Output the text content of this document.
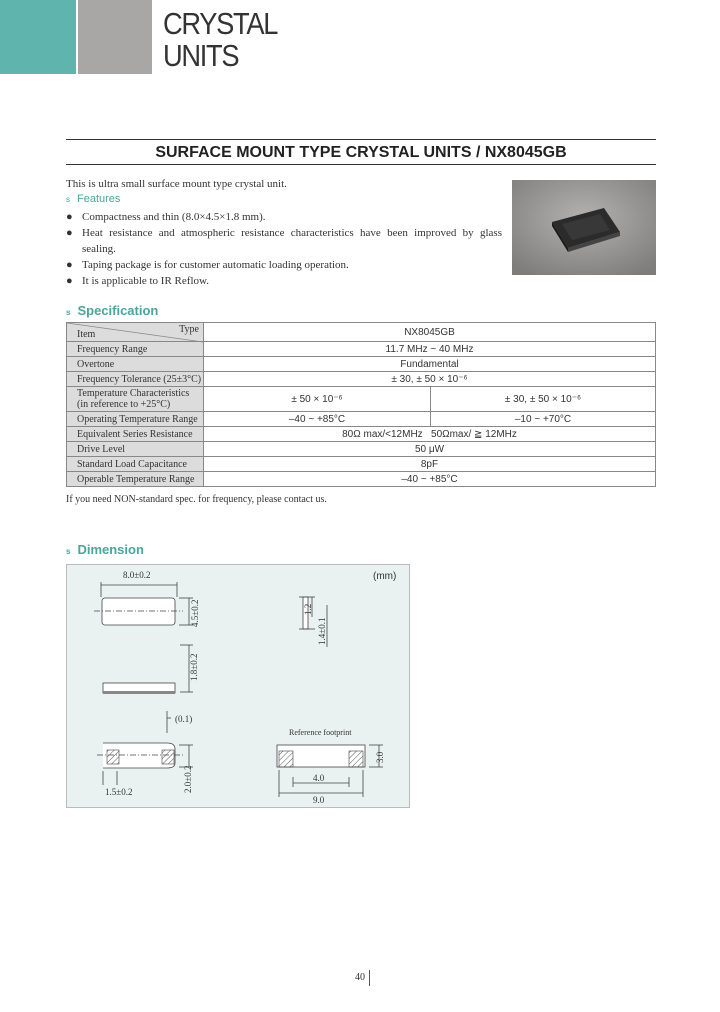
CRYSTAL
UNITS
SURFACE MOUNT TYPE CRYSTAL UNITS / NX8045GB
This is ultra small surface mount type crystal unit.
s Features
● Compactness and thin (8.0×4.5×1.8 mm).
● Heat resistance and atmospheric resistance characteristics have been improved by glass sealing.
● Taping package is for customer automatic loading operation.
● It is applicable to IR Reflow.
s Specification
Type
Item	NX8045GB	
Frequency Range	11.7 MHz ~ 40 MHz	
Overtone	Fundamental	
Frequency Tolerance (25±3°C)	± 30, ± 50 × 10⁻⁶	

Temperature Characteristics
(in reference to +25°C)	± 50 × 10⁻⁶	± 30, ± 50 × 10⁻⁶
Operating Temperature Range	–40 ~ +85°C	–10 ~ +70°C
Equivalent Series Resistance	80Ω max/<12MHz   50Ωmax/ ≧ 12MHz	
Drive Level	50 μW	
Standard Load Capacitance	8pF	
Operable Temperature Range	–40 ~ +85°C	
If you need NON-standard spec. for frequency, please contact us.
s Dimension
(mm)
8.0±0.2
4.5±0.2
1.8±0.2
1.2
1.4±0.1
(0.1)
1.5±0.2	2.0±0.2
Reference footprint
4.0
9.0
3.0
40
